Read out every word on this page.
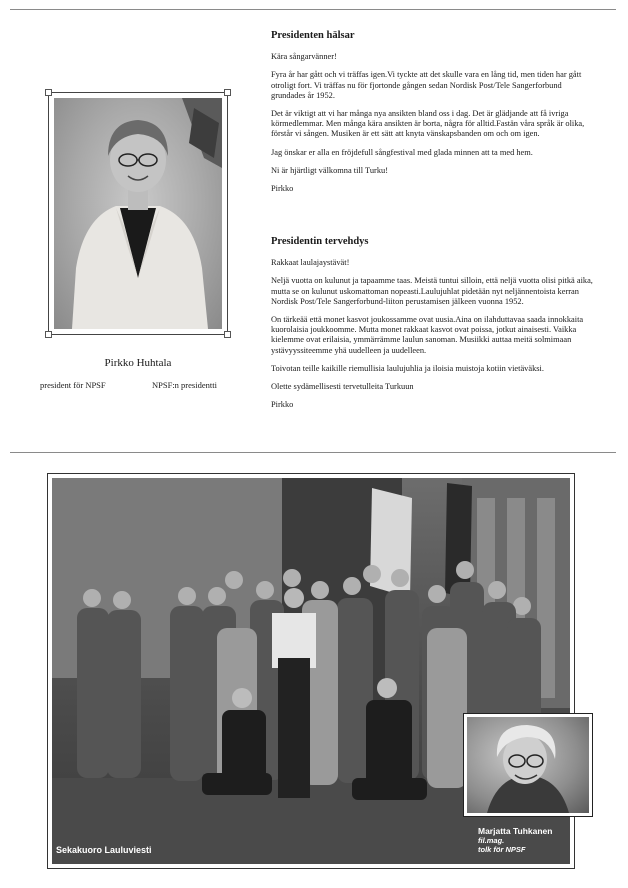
Pirkko Huhtala
president för NPSF	NPSF:n presidentti
Presidenten hälsar

Kära sångarvänner!

Fyra år har gått och vi träffas igen.Vi tyckte att det skulle vara en lång tid, men tiden har gått otroligt fort. Vi träffas nu för fjortonde gången sedan Nordisk Post/Tele Sangerforbund grundades år 1952.

Det är viktigt att vi har många nya ansikten bland oss i dag. Det är glädjande att få ivriga körmedlemmar. Men många kära ansikten är borta, några för alltid.Fastän våra språk är olika, förstår vi sången. Musiken är ett sätt att knyta vänskapsbanden om och om igen.

Jag önskar er alla en fröjdefull sångfestival med glada minnen att ta med hem.

Ni är hjärtligt välkomna till Turku!

Pirkko

Presidentin tervehdys

Rakkaat laulajaystävät!

Neljä vuotta on kulunut ja tapaamme taas. Meistä tuntui silloin, että neljä vuotta olisi pitkä aika, mutta se on kulunut uskomattoman nopeasti.Laulujuhlat pidetään nyt neljännentoista kerran Nordisk Post/Tele Sangerforbund-liiton perustamisen jälkeen vuonna 1952.

On tärkeää että monet kasvot joukossamme ovat uusia.Aina on ilahduttavaa saada innokkaita kuorolaisia joukkoomme. Mutta monet rakkaat kasvot ovat poissa, jotkut ainaisesti. Vaikka kielemme ovat erilaisia, ymmärrämme laulun sanoman. Musiikki auttaa meitä solmimaan ystävyyssiteemme yhä uudelleen ja uudelleen.

Toivotan teille kaikille riemullisia laulujuhlia ja iloisia muistoja kotiin vietäväksi.

Olette sydämellisesti tervetulleita Turkuun

Pirkko

Sekakuoro Lauluviesti
Marjatta Tuhkanen
fil.mag.
tolk för NPSF
